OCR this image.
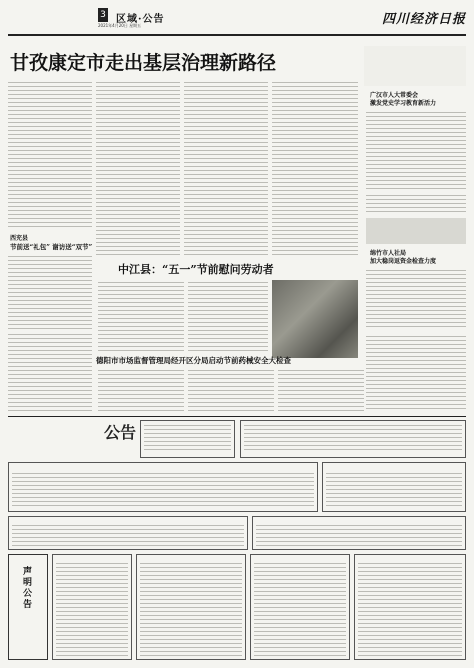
3
2021年4月20日 星期五
区域·公告	四川经济日报
甘孜康定市走出基层治理新路径
广汉市人大常委会
激发党史学习教育新活力
绵竹市人社局
加大稳岗返资金检查力度
西充县
节前送“礼包” 谢访送“双节”
中江县：“五一”节前慰问劳动者
德阳市市场监督管理局经开区分局启动节前药械安全大检查
公告
声明公告
